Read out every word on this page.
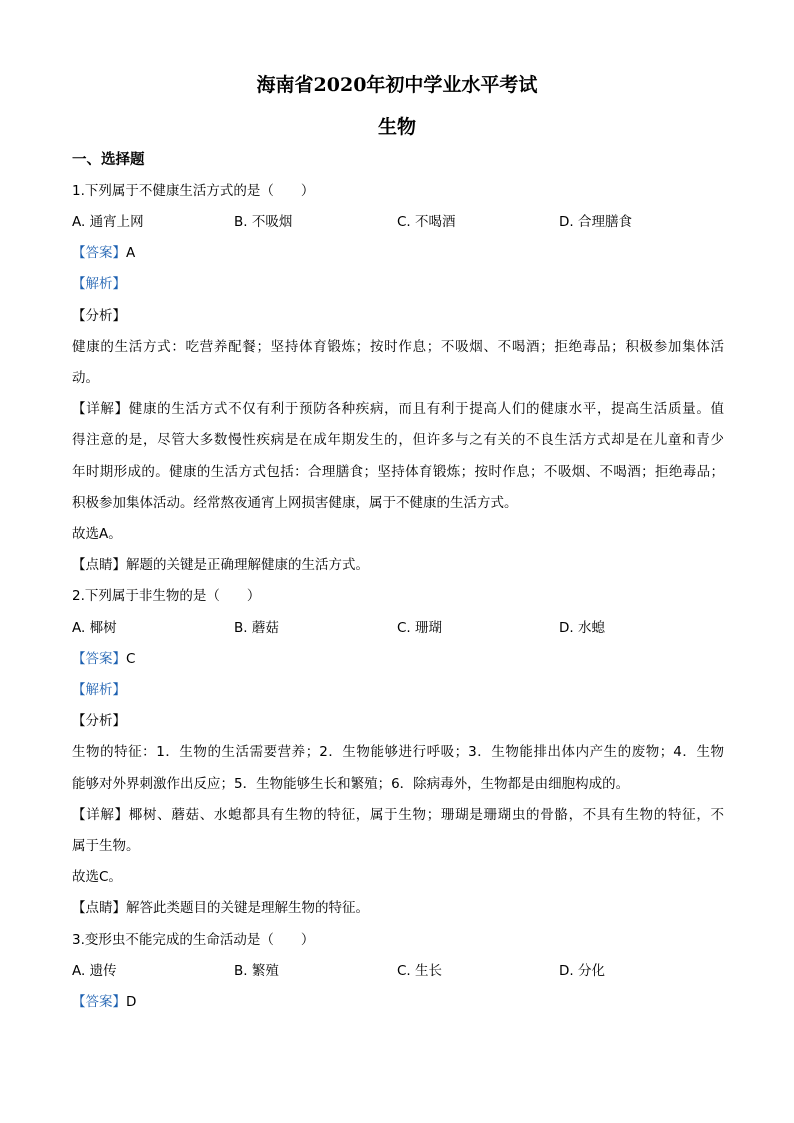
海南省2020年初中学业水平考试
生物
一、选择题
1.下列属于不健康生活方式的是（　　）
A. 通宵上网	B. 不吸烟	C. 不喝酒	D. 合理膳食
【答案】A
【解析】
【分析】
健康的生活方式：吃营养配餐；坚持体育锻炼；按时作息；不吸烟、不喝酒；拒绝毒品；积极参加集体活
动。
【详解】健康的生活方式不仅有利于预防各种疾病，而且有利于提高人们的健康水平，提高生活质量。值
得注意的是，尽管大多数慢性疾病是在成年期发生的，但许多与之有关的不良生活方式却是在儿童和青少
年时期形成的。健康的生活方式包括：合理膳食；坚持体育锻炼；按时作息；不吸烟、不喝酒；拒绝毒品；
积极参加集体活动。经常熬夜通宵上网损害健康，属于不健康的生活方式。
故选A。
【点睛】解题的关键是正确理解健康的生活方式。
2.下列属于非生物的是（　　）
A. 椰树	B. 蘑菇	C. 珊瑚	D. 水螅
【答案】C
【解析】
【分析】
生物的特征：1．生物的生活需要营养；2．生物能够进行呼吸；3．生物能排出体内产生的废物；4．生物
能够对外界刺激作出反应；5．生物能够生长和繁殖；6．除病毒外，生物都是由细胞构成的。
【详解】椰树、蘑菇、水螅都具有生物的特征，属于生物；珊瑚是珊瑚虫的骨骼，不具有生物的特征，不
属于生物。
故选C。
【点睛】解答此类题目的关键是理解生物的特征。
3.变形虫不能完成的生命活动是（　　）
A. 遗传	B. 繁殖	C. 生长	D. 分化
【答案】D
